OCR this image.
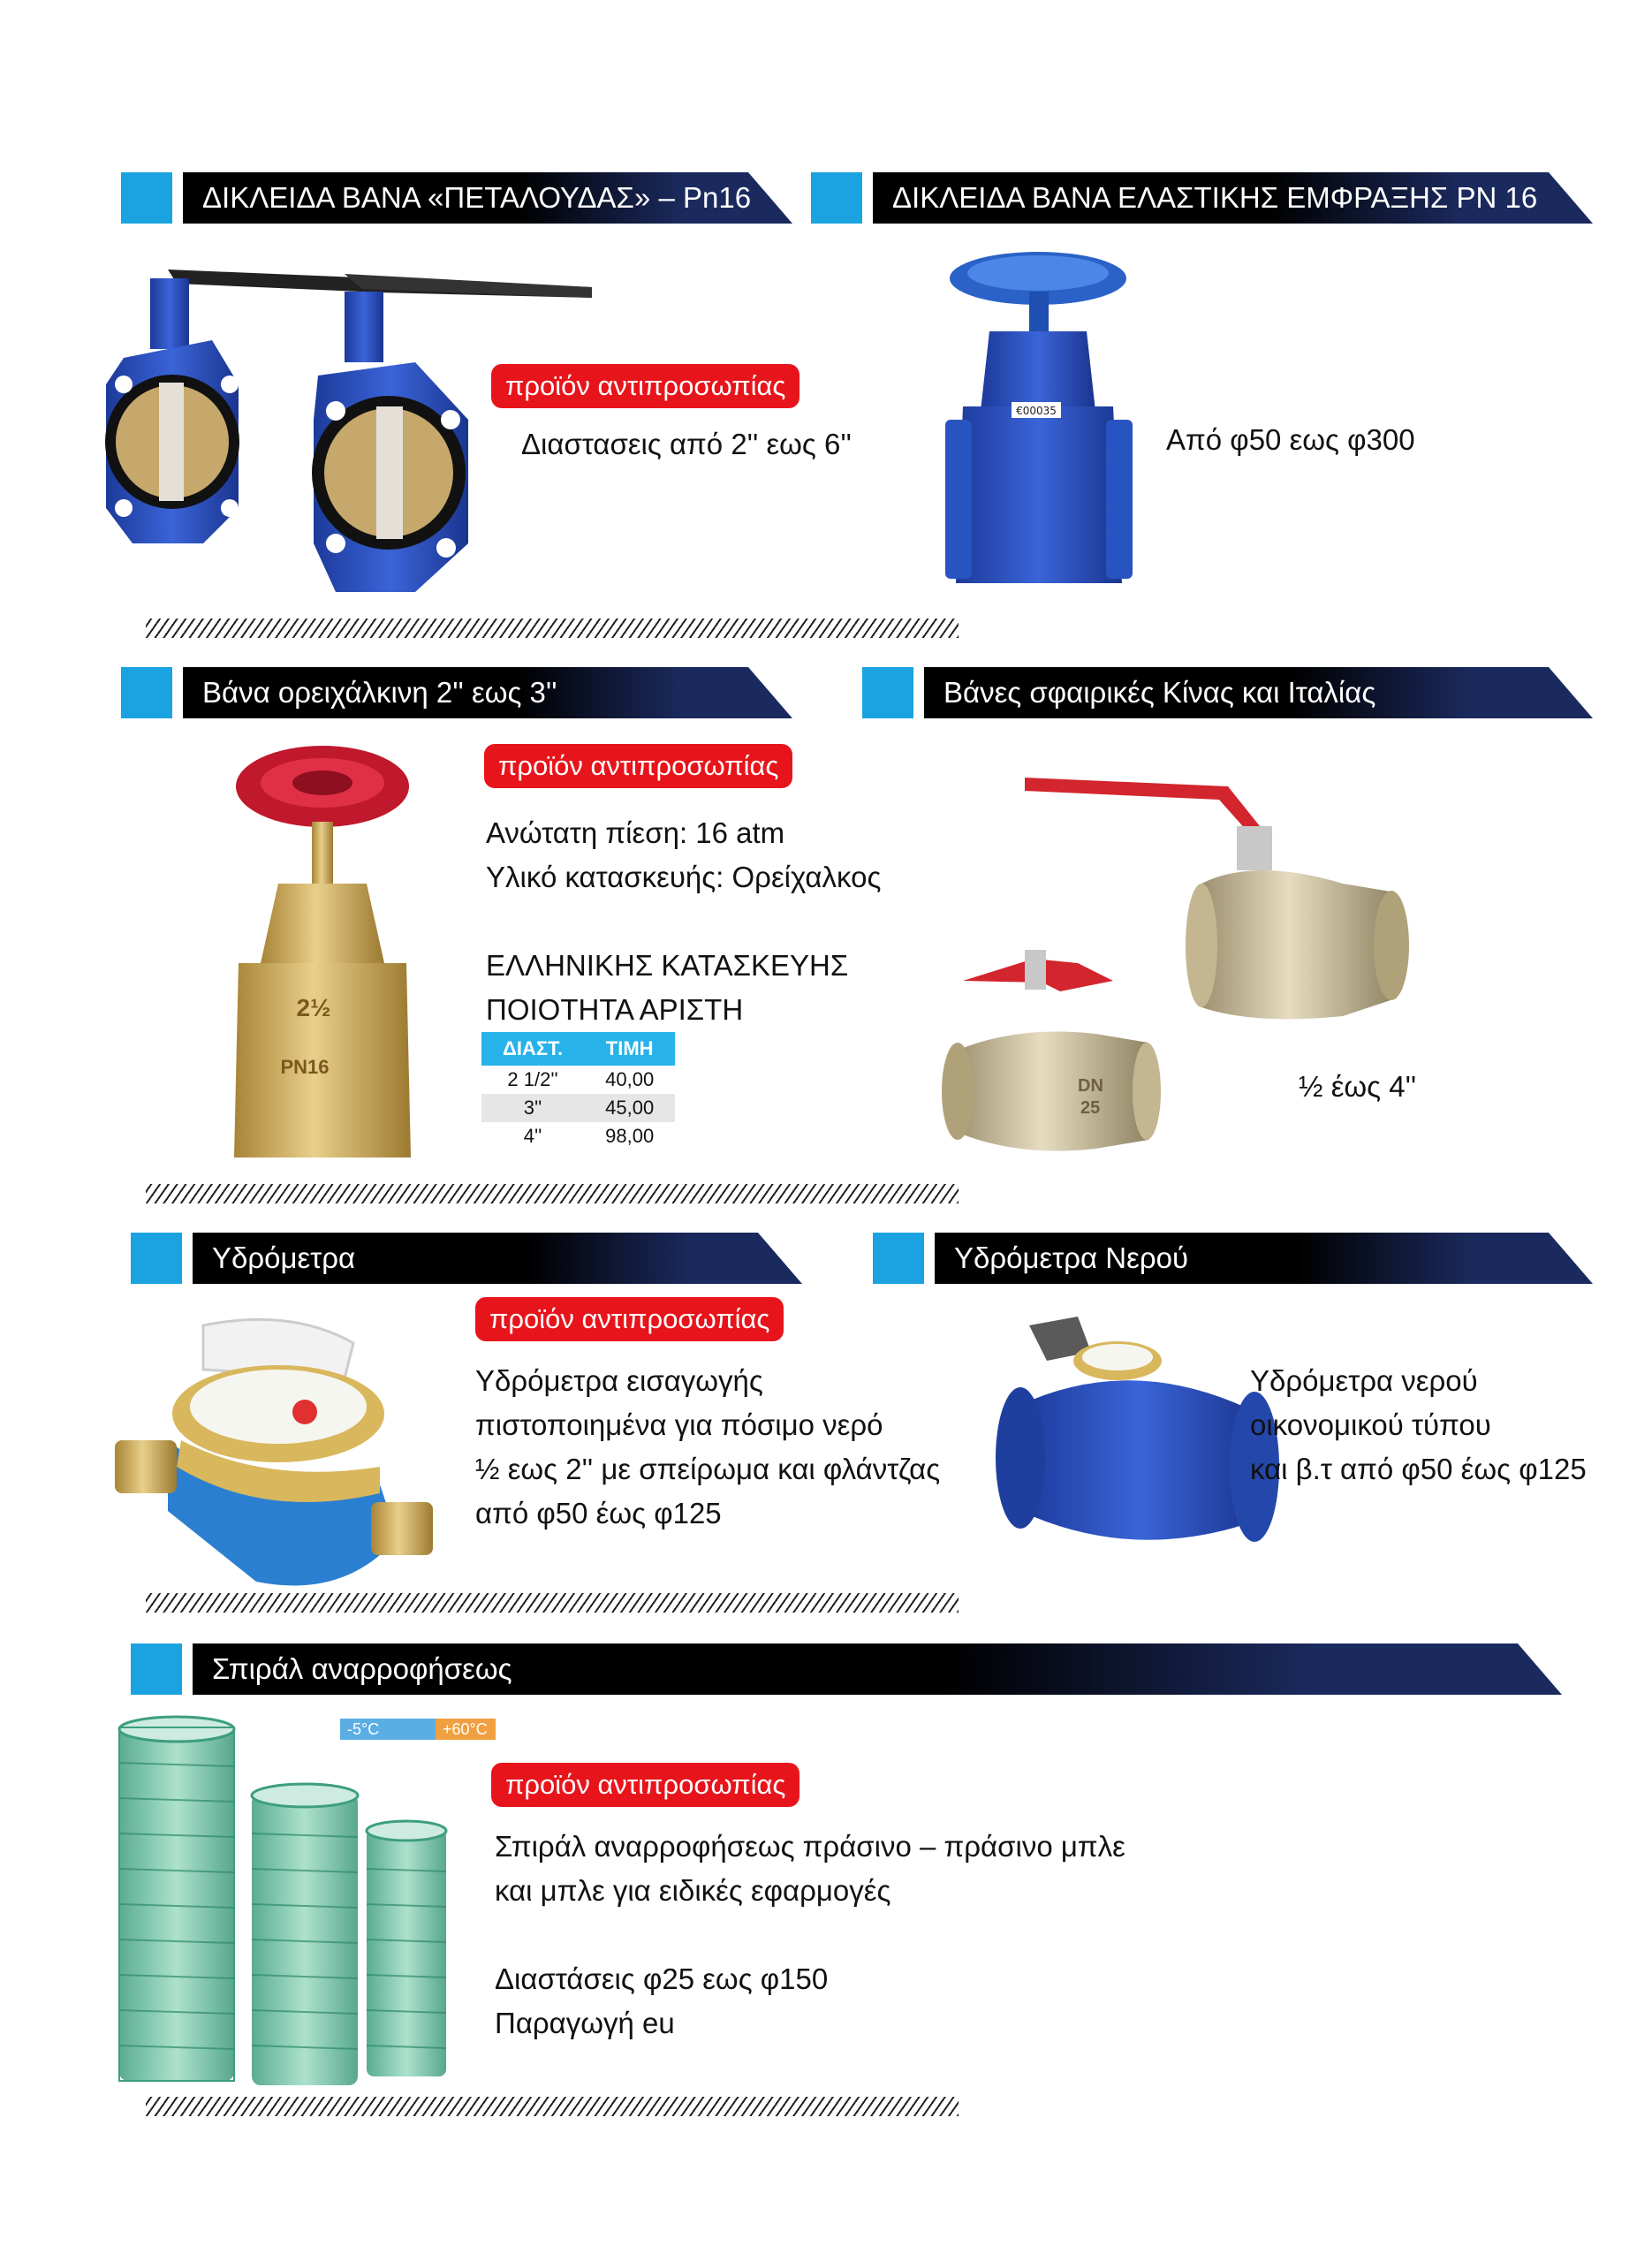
ΔΙΚΛΕΙΔΑ ΒΑΝΑ «ΠΕΤΑΛΟΥΔΑΣ» – Pn16
προϊόν αντιπροσωπίας
Διαστασεις από 2'' εως 6''
ΔΙΚΛΕΙΔΑ ΒΑΝΑ ΕΛΑΣΤΙΚΗΣ ΕΜΦΡΑΞΗΣ PN 16
€00035
Από φ50 εως φ300
Βάνα ορειχάλκινη 2'' εως 3''
2½
PN16
προϊόν αντιπροσωπίας
Ανώτατη πίεση: 16 atm
Υλικό κατασκευής: Ορείχαλκος
ΕΛΛΗΝΙΚΗΣ ΚΑΤΑΣΚΕΥΗΣ
ΠΟΙΟΤΗΤΑ ΑΡΙΣΤΗ
ΔΙΑΣΤ.	ΤΙΜΗ
2 1/2''	40,00
3''	45,00
4''	98,00
Βάνες σφαιρικές Κίνας και Ιταλίας
DN
25
½ έως 4''
Υδρόμετρα
προϊόν αντιπροσωπίας
Υδρόμετρα εισαγωγής
πιστοποιημένα για πόσιμο νερό
½ εως 2'' με σπείρωμα και φλάντζας
από φ50 έως φ125
Υδρόμετρα Νερού
Υδρόμετρα νερού
οικονομικού τύπου
και β.τ από φ50 έως φ125
Σπιράλ αναρροφήσεως
-5°C	+60°C
προϊόν αντιπροσωπίας
Σπιράλ αναρροφήσεως πράσινο – πράσινο μπλε
και μπλε για ειδικές εφαρμογές
Διαστάσεις φ25 εως φ150
Παραγωγή eu
